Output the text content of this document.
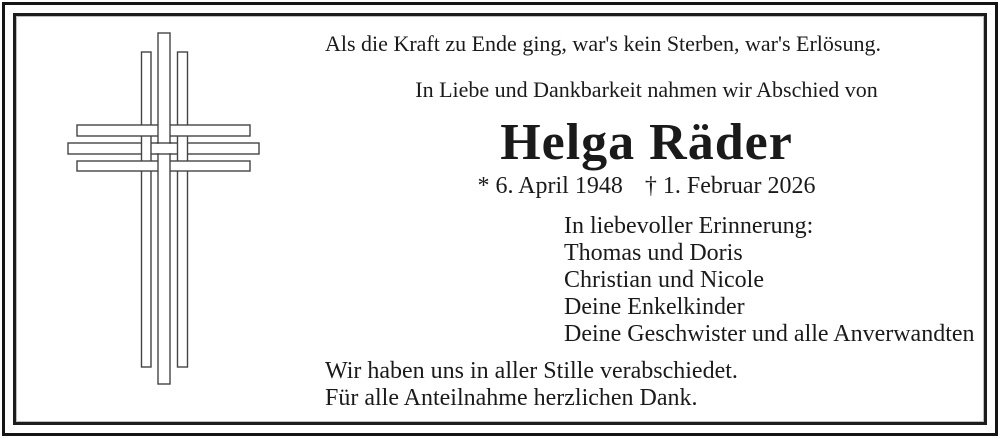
Als die Kraft zu Ende ging, war's kein Sterben, war's Erlösung.
In Liebe und Dankbarkeit nahmen wir Abschied von
Helga Räder
* 6. April 1948 † 1. Februar 2026
In liebevoller Erinnerung:
Thomas und Doris
Christian und Nicole
Deine Enkelkinder
Deine Geschwister und alle Anverwandten
Wir haben uns in aller Stille verabschiedet.
Für alle Anteilnahme herzlichen Dank.
